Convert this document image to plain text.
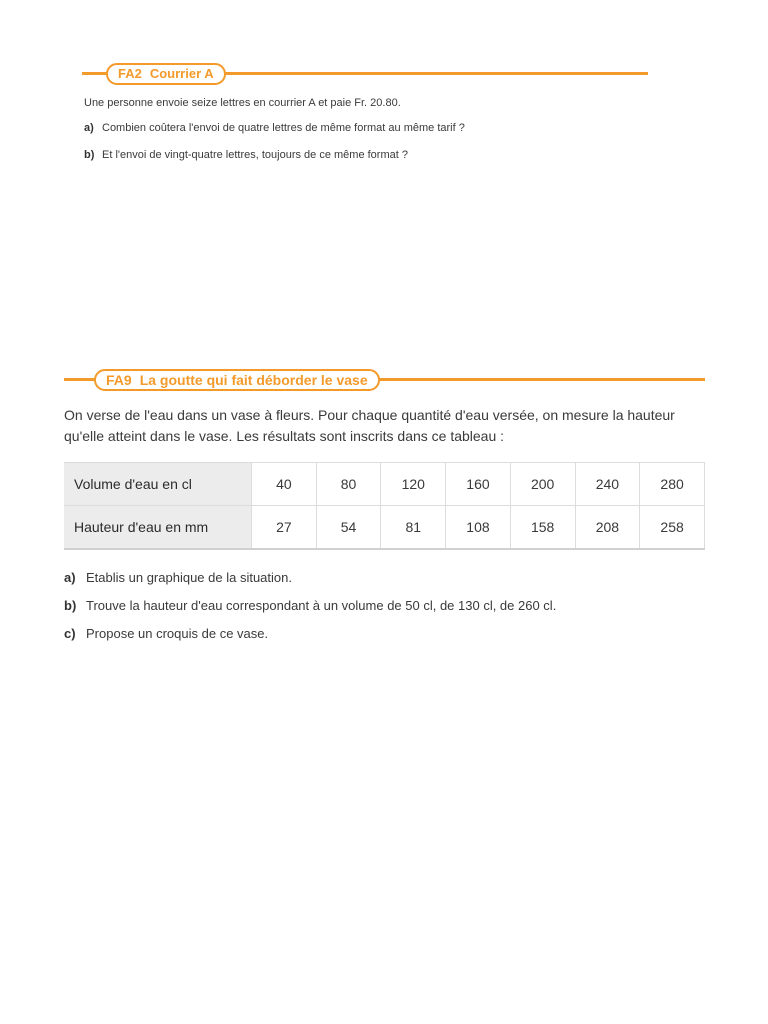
FA2 Courrier A

Une personne envoie seize lettres en courrier A et paie Fr. 20.80.

a) Combien coûtera l'envoi de quatre lettres de même format au même tarif ?
b) Et l'envoi de vingt-quatre lettres, toujours de ce même format ?
FA9 La goutte qui fait déborder le vase

On verse de l'eau dans un vase à fleurs. Pour chaque quantité d'eau versée, on mesure la hauteur qu'elle atteint dans le vase. Les résultats sont inscrits dans ce tableau :

Volume d'eau en cl	40	80	120	160	200	240	280
Hauteur d'eau en mm	27	54	81	108	158	208	258
a) Etablis un graphique de la situation.
b) Trouve la hauteur d'eau correspondant à un volume de 50 cl, de 130 cl, de 260 cl.
c) Propose un croquis de ce vase.
